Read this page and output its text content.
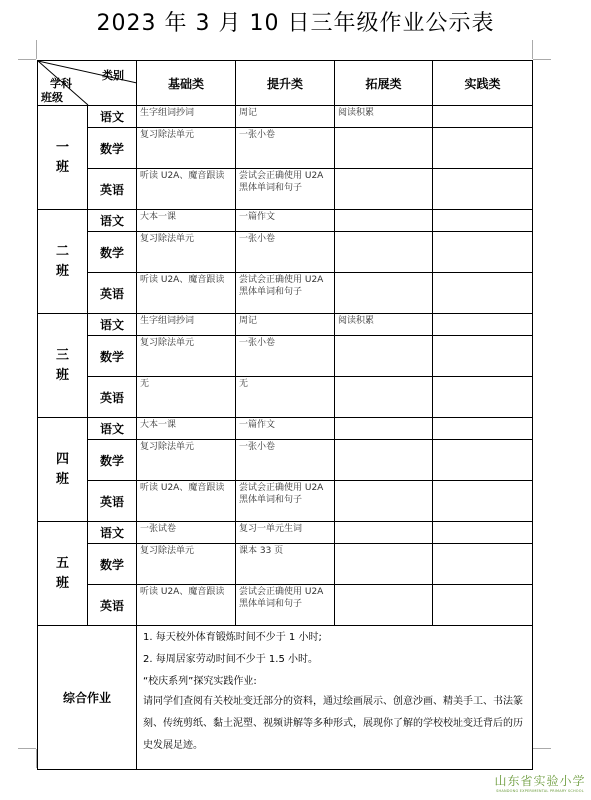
2023 年 3 月 10 日三年级作业公示表
类别
学科
班级		基础类	提升类	拓展类	实践类
一班	语文	生字组词抄词	周记	阅读积累	
	数学	复习除法单元	一张小卷		
	英语	听读 U2A、魔音跟读	尝试会正确使用 U2A 黑体单词和句子		
二班	语文	大本一课	一篇作文		
	数学	复习除法单元	一张小卷		
	英语	听读 U2A、魔音跟读	尝试会正确使用 U2A 黑体单词和句子		
三班	语文	生字组词抄词	周记	阅读积累	
	数学	复习除法单元	一张小卷		
	英语	无	无		
四班	语文	大本一课	一篇作文		
	数学	复习除法单元	一张小卷		
	英语	听读 U2A、魔音跟读	尝试会正确使用 U2A 黑体单词和句子		
五班	语文	一张试卷	复习一单元生词		
	数学	复习除法单元	课本 33 页		
	英语	听读 U2A、魔音跟读	尝试会正确使用 U2A 黑体单词和句子		
综合作业		1. 每天校外体育锻炼时间不少于 1 小时;

2. 每周居家劳动时间不少于 1.5 小时。

“校庆系列”探究实践作业:

请同学们查阅有关校址变迁部分的资料，通过绘画展示、创意沙画、精美手工、书法篆刻、传统剪纸、黏土泥塑、视频讲解等多种形式，展现你了解的学校校址变迁背后的历史发展足迹。			

山东省实验小学
SHANDONG EXPERIMENTAL PRIMARY SCHOOL
